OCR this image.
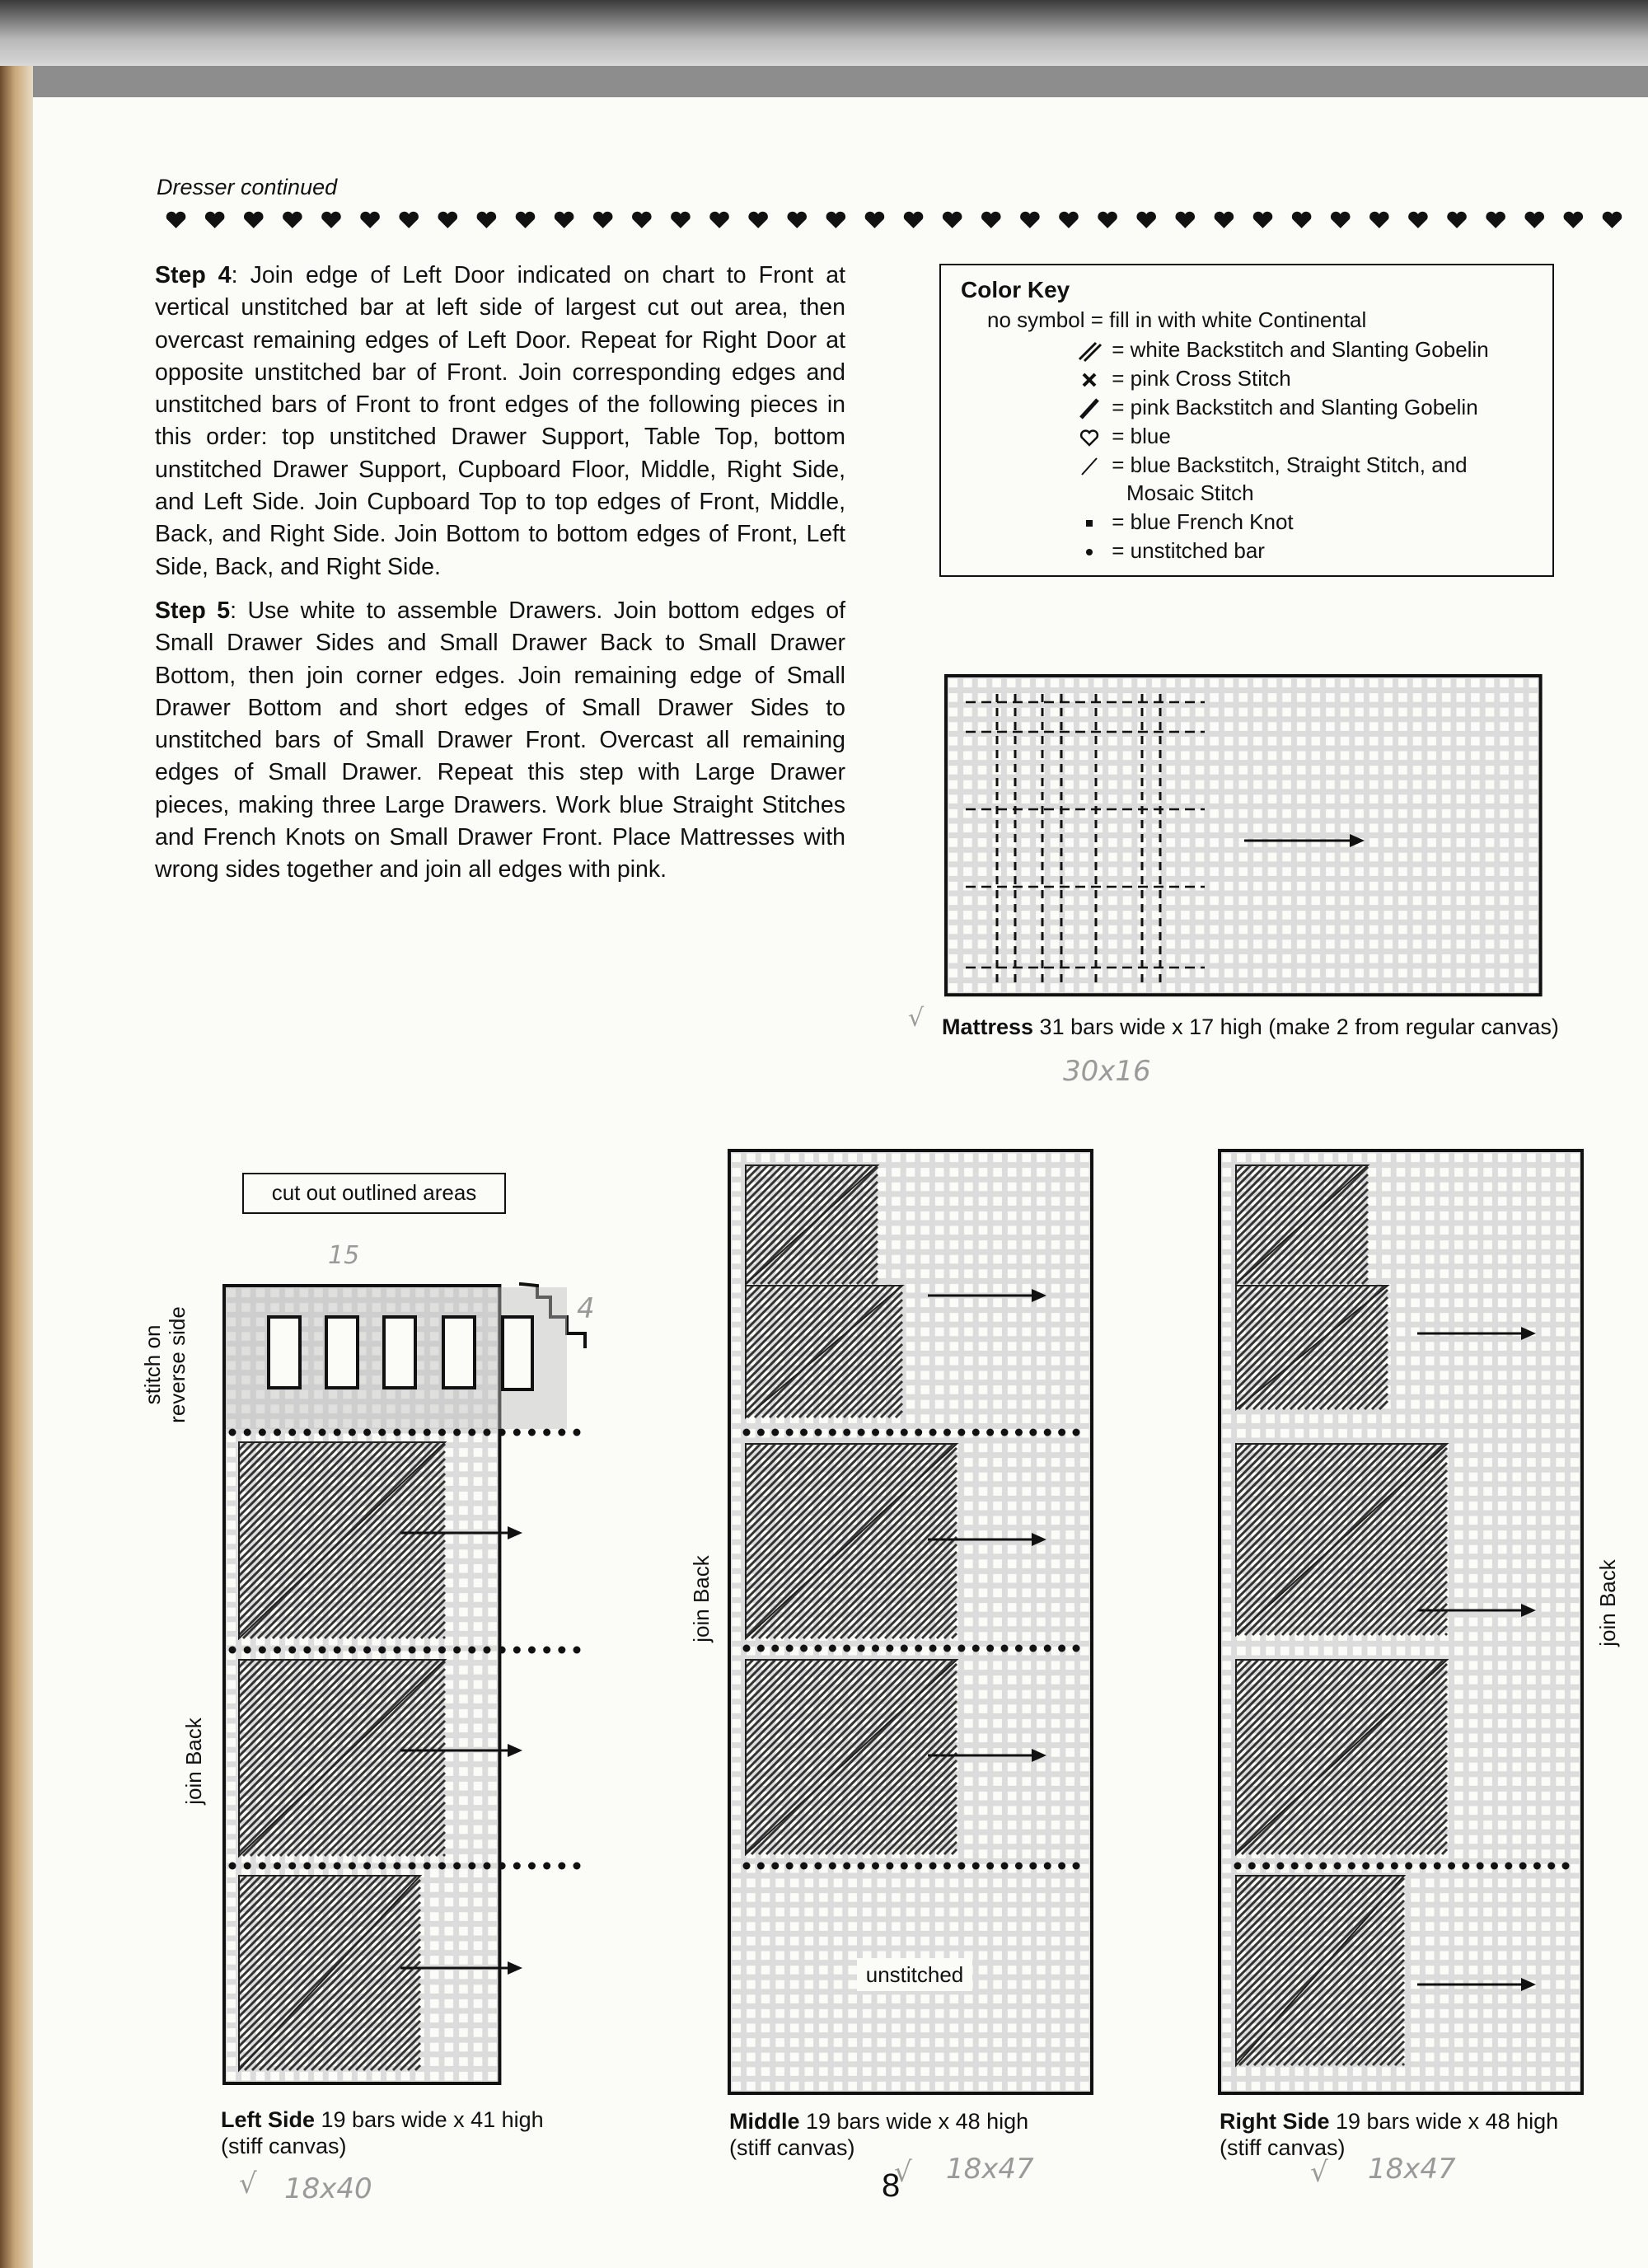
Dresser continued

Step 4: Join edge of Left Door indicated on chart to Front at vertical unstitched bar at left side of largest cut out area, then overcast remaining edges of Left Door. Repeat for Right Door at opposite unstitched bar of Front. Join corresponding edges and unstitched bars of Front to front edges of the following pieces in this order: top unstitched Drawer Support, Table Top, bottom unstitched Drawer Support, Cupboard Floor, Middle, Right Side, and Left Side. Join Cupboard Top to top edges of Front, Middle, Back, and Right Side. Join Bottom to bottom edges of Front, Left Side, Back, and Right Side.

Step 5: Use white to assemble Drawers. Join bottom edges of Small Drawer Sides and Small Drawer Back to Small Drawer Bottom, then join corner edges. Join remaining edge of Small Drawer Bottom and short edges of Small Drawer Sides to unstitched bars of Small Drawer Front. Overcast all remaining edges of Small Drawer. Repeat this step with Large Drawer pieces, making three Large Drawers. Work blue Straight Stitches and French Knots on Small Drawer Front. Place Mattresses with wrong sides together and join all edges with pink.

Color Key
no symbol = fill in with white Continental
= white Backstitch and Slanting Gobelin
= pink Cross Stitch
= pink Backstitch and Slanting Gobelin
= blue
= blue Backstitch, Straight Stitch, and
Mosaic Stitch
= blue French Knot
= unstitched bar
√ Mattress 31 bars wide x 17 high (make 2 from regular canvas)
30x16
cut out outlined areas
15
4
stitch on reverse side
join Back
Left Side 19 bars wide x 41 high
(stiff canvas)
√ 18x40
join Back
unstitched
Middle 19 bars wide x 48 high
(stiff canvas)
√ 18x47
join Back
Right Side 19 bars wide x 48 high
(stiff canvas)
√ 18x47
8
